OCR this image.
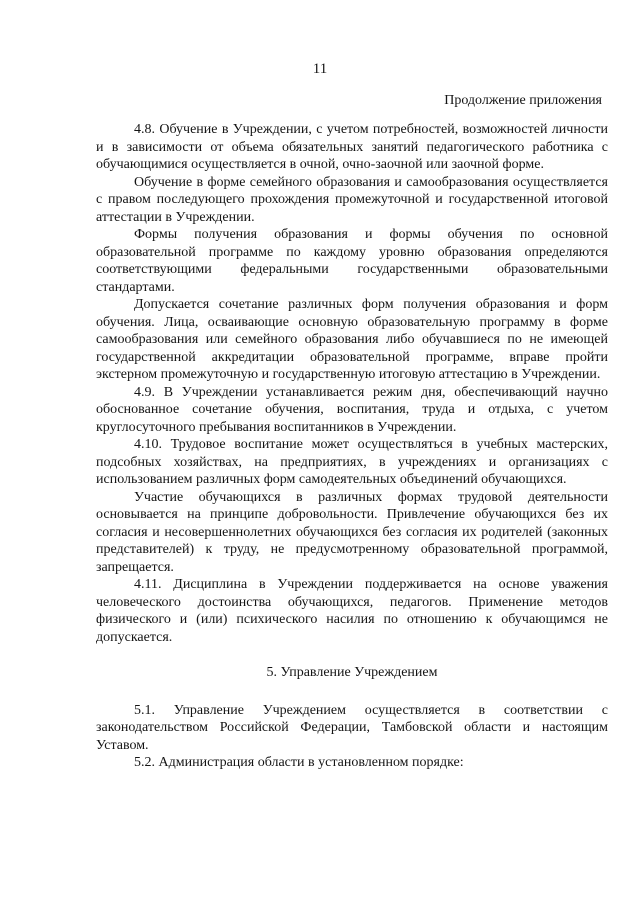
11
Продолжение приложения

4.8. Обучение в Учреждении, с учетом потребностей, возможностей личности и в зависимости от объема обязательных занятий педагогического работника с обучающимися осуществляется в очной, очно-заочной или заочной форме.

Обучение в форме семейного образования и самообразования осуществляется с правом последующего прохождения промежуточной и государственной итоговой аттестации в Учреждении.

Формы получения образования и формы обучения по основной образовательной программе по каждому уровню образования определяются соответствующими федеральными государственными образовательными стандартами.

Допускается сочетание различных форм получения образования и форм обучения. Лица, осваивающие основную образовательную программу в форме самообразования или семейного образования либо обучавшиеся по не имеющей государственной аккредитации образовательной программе, вправе пройти экстерном промежуточную и государственную итоговую аттестацию в Учреждении.

4.9. В Учреждении устанавливается режим дня, обеспечивающий научно обоснованное сочетание обучения, воспитания, труда и отдыха, с учетом круглосуточного пребывания воспитанников в Учреждении.

4.10. Трудовое воспитание может осуществляться в учебных мастерских, подсобных хозяйствах, на предприятиях, в учреждениях и организациях с использованием различных форм самодеятельных объединений обучающихся.

Участие обучающихся в различных формах трудовой деятельности основывается на принципе добровольности. Привлечение обучающихся без их согласия и несовершеннолетних обучающихся без согласия их родителей (законных представителей) к труду, не предусмотренному образовательной программой, запрещается.

4.11. Дисциплина в Учреждении поддерживается на основе уважения человеческого достоинства обучающихся, педагогов. Применение методов физического и (или) психического насилия по отношению к обучающимся не допускается.

5. Управление Учреждением

5.1. Управление Учреждением осуществляется в соответствии с законодательством Российской Федерации, Тамбовской области и настоящим Уставом.

5.2. Администрация области в установленном порядке:
